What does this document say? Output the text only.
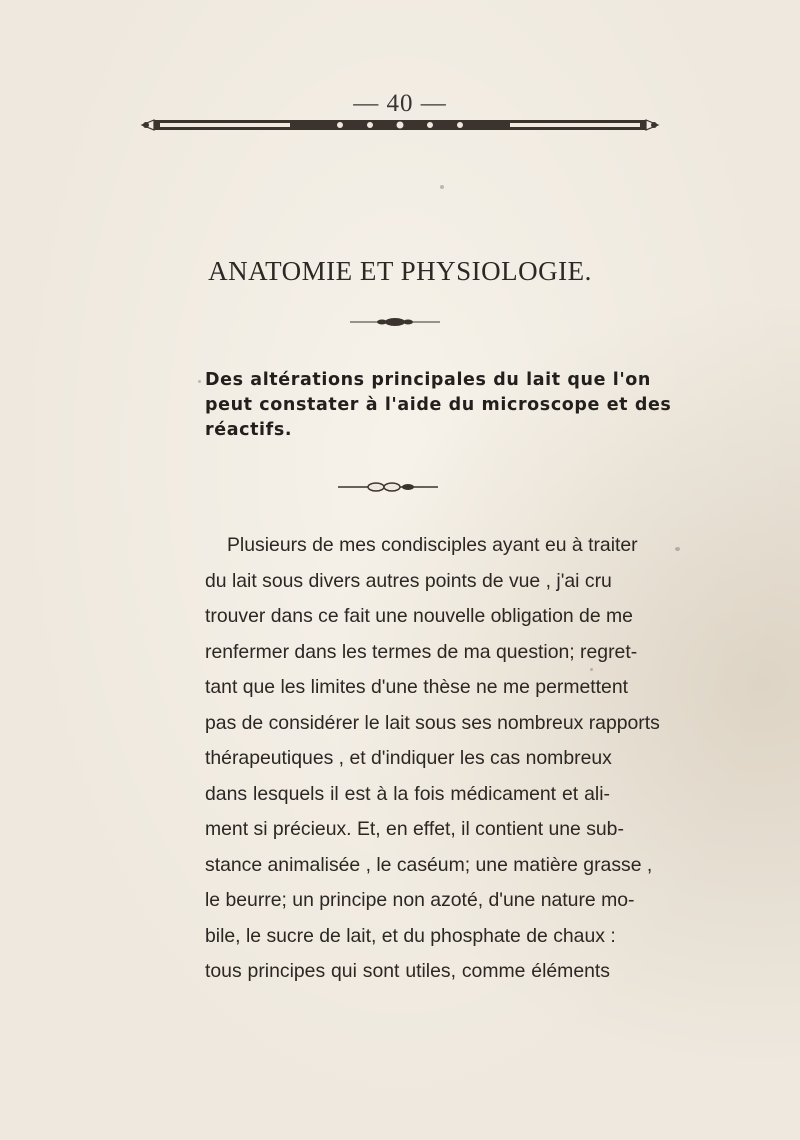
— 40 —
ANATOMIE ET PHYSIOLOGIE.
Des altérations principales du lait que l'on
peut constater à l'aide du microscope et des
réactifs.
Plusieurs de mes condisciples ayant eu à traiter
du lait sous divers autres points de vue , j'ai cru
trouver dans ce fait une nouvelle obligation de me
renfermer dans les termes de ma question; regret-
tant que les limites d'une thèse ne me permettent
pas de considérer le lait sous ses nombreux rapports
thérapeutiques , et d'indiquer les cas nombreux
dans lesquels il est à la fois médicament et ali-
ment si précieux. Et, en effet, il contient une sub-
stance animalisée , le caséum; une matière grasse ,
le beurre; un principe non azoté, d'une nature mo-
bile, le sucre de lait, et du phosphate de chaux :
tous principes qui sont utiles, comme éléments
